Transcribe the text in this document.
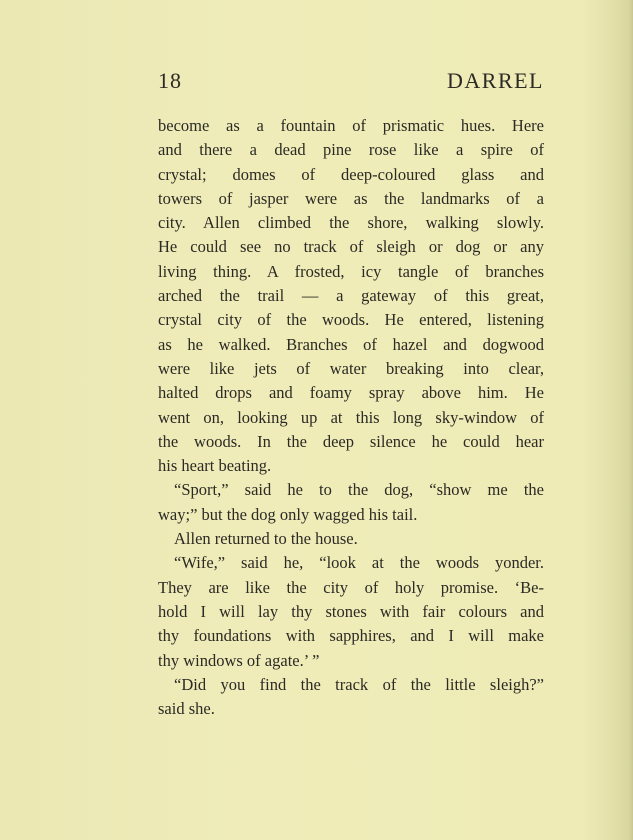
18	DARREL
become as a fountain of prismatic hues. Here
and there a dead pine rose like a spire of
crystal; domes of deep-coloured glass and
towers of jasper were as the landmarks of a
city. Allen climbed the shore, walking slowly.
He could see no track of sleigh or dog or any
living thing. A frosted, icy tangle of branches
arched the trail — a gateway of this great,
crystal city of the woods. He entered, listening
as he walked. Branches of hazel and dogwood
were like jets of water breaking into clear,
halted drops and foamy spray above him. He
went on, looking up at this long sky-window of
the woods. In the deep silence he could hear
his heart beating.
“Sport,” said he to the dog, “show me the
way;” but the dog only wagged his tail.
Allen returned to the house.
“Wife,” said he, “look at the woods yonder.
They are like the city of holy promise. ‘Be-
hold I will lay thy stones with fair colours and
thy foundations with sapphires, and I will make
thy windows of agate.’ ”
“Did you find the track of the little sleigh?”
said she.
